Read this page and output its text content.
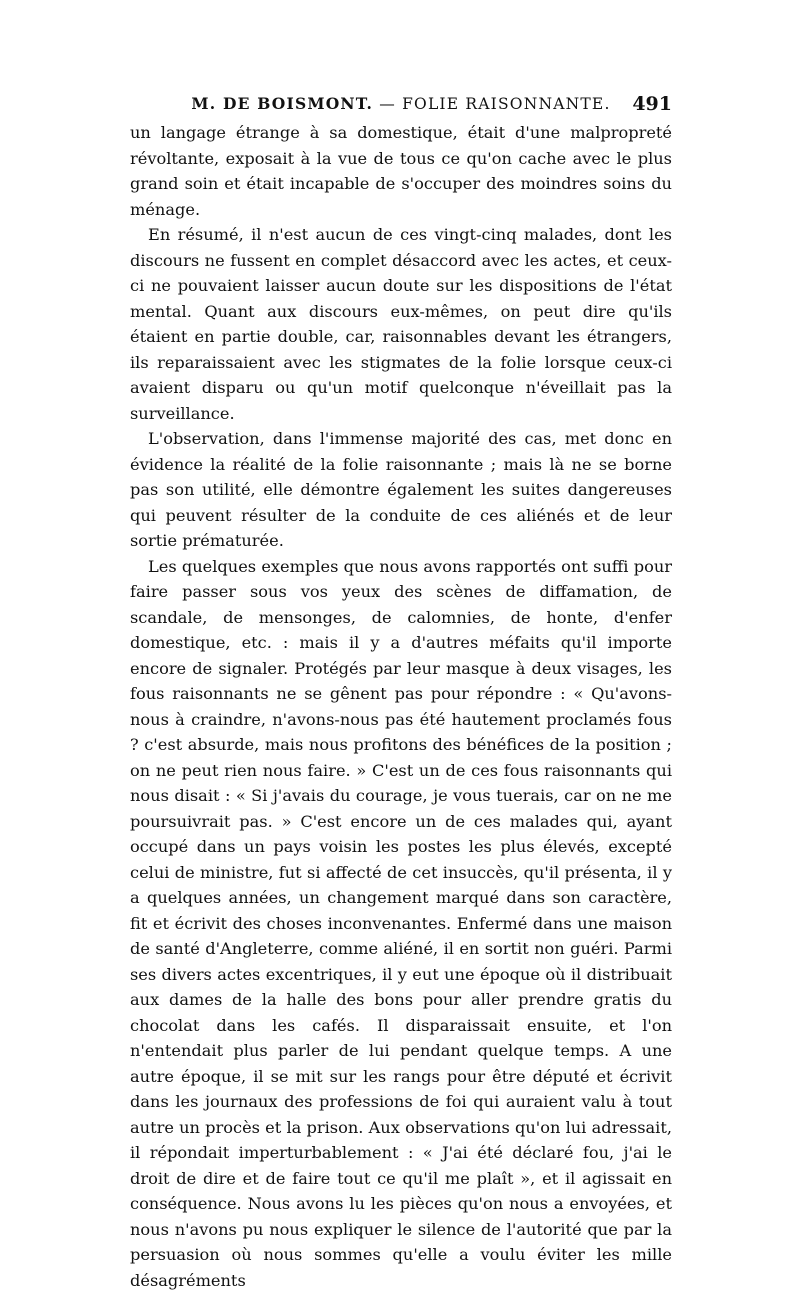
M. DE BOISMONT. — FOLIE RAISONNANTE. 491

un langage étrange à sa domestique, était d'une malpropreté révoltante, exposait à la vue de tous ce qu'on cache avec le plus grand soin et était incapable de s'occuper des moindres soins du ménage.

En résumé, il n'est aucun de ces vingt-cinq malades, dont les discours ne fussent en complet désaccord avec les actes, et ceux-ci ne pouvaient laisser aucun doute sur les dispositions de l'état mental. Quant aux discours eux-mêmes, on peut dire qu'ils étaient en partie double, car, raisonnables devant les étrangers, ils reparaissaient avec les stigmates de la folie lorsque ceux-ci avaient disparu ou qu'un motif quelconque n'éveillait pas la surveillance.

L'observation, dans l'immense majorité des cas, met donc en évidence la réalité de la folie raisonnante ; mais là ne se borne pas son utilité, elle démontre également les suites dangereuses qui peuvent résulter de la conduite de ces aliénés et de leur sortie prématurée.

Les quelques exemples que nous avons rapportés ont suffi pour faire passer sous vos yeux des scènes de diffamation, de scandale, de mensonges, de calomnies, de honte, d'enfer domestique, etc. : mais il y a d'autres méfaits qu'il importe encore de signaler. Protégés par leur masque à deux visages, les fous raisonnants ne se gênent pas pour répondre : « Qu'avons-nous à craindre, n'avons-nous pas été hautement proclamés fous ? c'est absurde, mais nous profitons des bénéfices de la position ; on ne peut rien nous faire. » C'est un de ces fous raisonnants qui nous disait : « Si j'avais du courage, je vous tuerais, car on ne me poursuivrait pas. » C'est encore un de ces malades qui, ayant occupé dans un pays voisin les postes les plus élevés, excepté celui de ministre, fut si affecté de cet insuccès, qu'il présenta, il y a quelques années, un changement marqué dans son caractère, fit et écrivit des choses inconvenantes. Enfermé dans une maison de santé d'Angleterre, comme aliéné, il en sortit non guéri. Parmi ses divers actes excentriques, il y eut une époque où il distribuait aux dames de la halle des bons pour aller prendre gratis du chocolat dans les cafés. Il disparaissait ensuite, et l'on n'entendait plus parler de lui pendant quelque temps. A une autre époque, il se mit sur les rangs pour être député et écrivit dans les journaux des professions de foi qui auraient valu à tout autre un procès et la prison. Aux observations qu'on lui adressait, il répondait imperturbablement : « J'ai été déclaré fou, j'ai le droit de dire et de faire tout ce qu'il me plaît », et il agissait en conséquence. Nous avons lu les pièces qu'on nous a envoyées, et nous n'avons pu nous expliquer le silence de l'autorité que par la persuasion où nous sommes qu'elle a voulu éviter les mille désagréments
